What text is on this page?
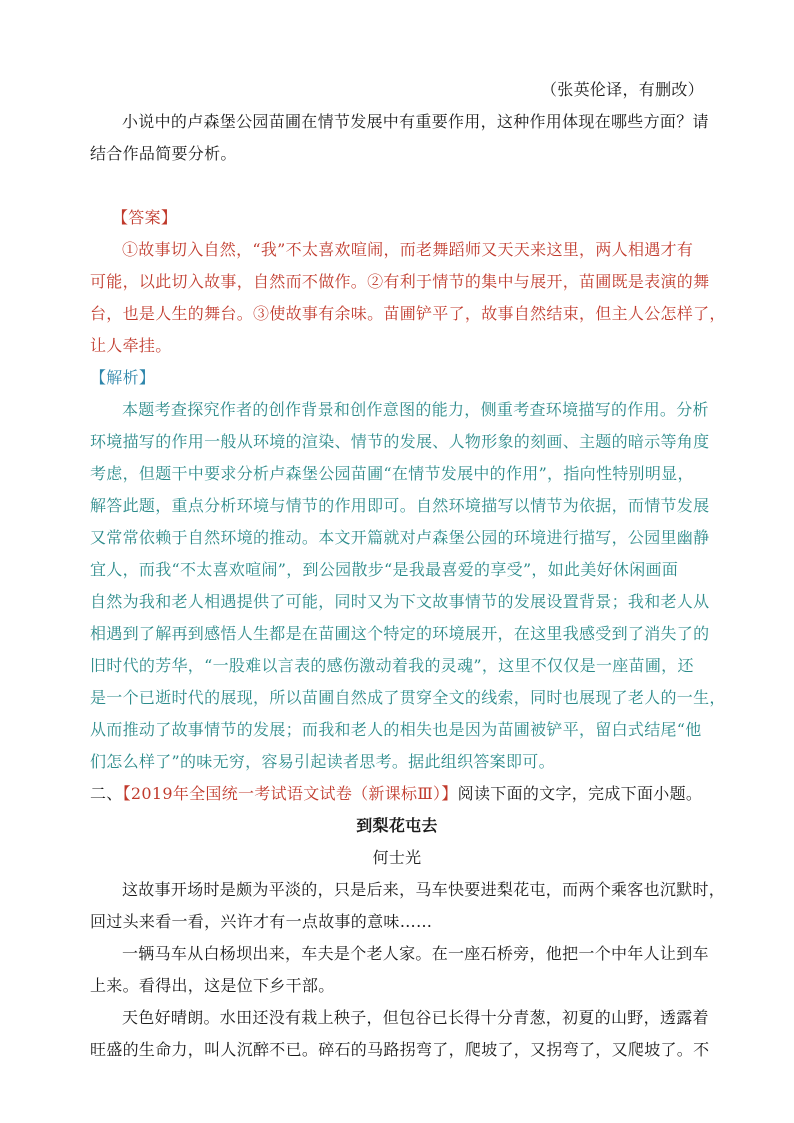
（张英伦译，有删改）
小说中的卢森堡公园苗圃在情节发展中有重要作用，这种作用体现在哪些方面？请
结合作品简要分析。
【答案】
①故事切入自然，“我”不太喜欢喧闹，而老舞蹈师又天天来这里，两人相遇才有
可能，以此切入故事，自然而不做作。②有利于情节的集中与展开，苗圃既是表演的舞
台，也是人生的舞台。③使故事有余味。苗圃铲平了，故事自然结束，但主人公怎样了，
让人牵挂。
【解析】
本题考查探究作者的创作背景和创作意图的能力，侧重考查环境描写的作用。分析
环境描写的作用一般从环境的渲染、情节的发展、人物形象的刻画、主题的暗示等角度
考虑，但题干中要求分析卢森堡公园苗圃“在情节发展中的作用”，指向性特别明显，
解答此题，重点分析环境与情节的作用即可。自然环境描写以情节为依据，而情节发展
又常常依赖于自然环境的推动。本文开篇就对卢森堡公园的环境进行描写，公园里幽静
宜人，而我“不太喜欢喧闹”，到公园散步“是我最喜爱的享受”，如此美好休闲画面
自然为我和老人相遇提供了可能，同时又为下文故事情节的发展设置背景；我和老人从
相遇到了解再到感悟人生都是在苗圃这个特定的环境展开，在这里我感受到了消失了的
旧时代的芳华，“一股难以言表的感伤激动着我的灵魂”，这里不仅仅是一座苗圃，还
是一个已逝时代的展现，所以苗圃自然成了贯穿全文的线索，同时也展现了老人的一生，
从而推动了故事情节的发展；而我和老人的相失也是因为苗圃被铲平，留白式结尾“他
们怎么样了”的味无穷，容易引起读者思考。据此组织答案即可。
二、【2019年全国统一考试语文试卷（新课标Ⅲ）】阅读下面的文字，完成下面小题。
到梨花屯去
何士光
这故事开场时是颇为平淡的，只是后来，马车快要进梨花屯，而两个乘客也沉默时，
回过头来看一看，兴许才有一点故事的意味……
一辆马车从白杨坝出来，车夫是个老人家。在一座石桥旁，他把一个中年人让到车
上来。看得出，这是位下乡干部。
天色好晴朗。水田还没有栽上秧子，但包谷已长得十分青葱，初夏的山野，透露着
旺盛的生命力，叫人沉醉不已。碎石的马路拐弯了，爬坡了，又拐弯了，又爬坡了。不
